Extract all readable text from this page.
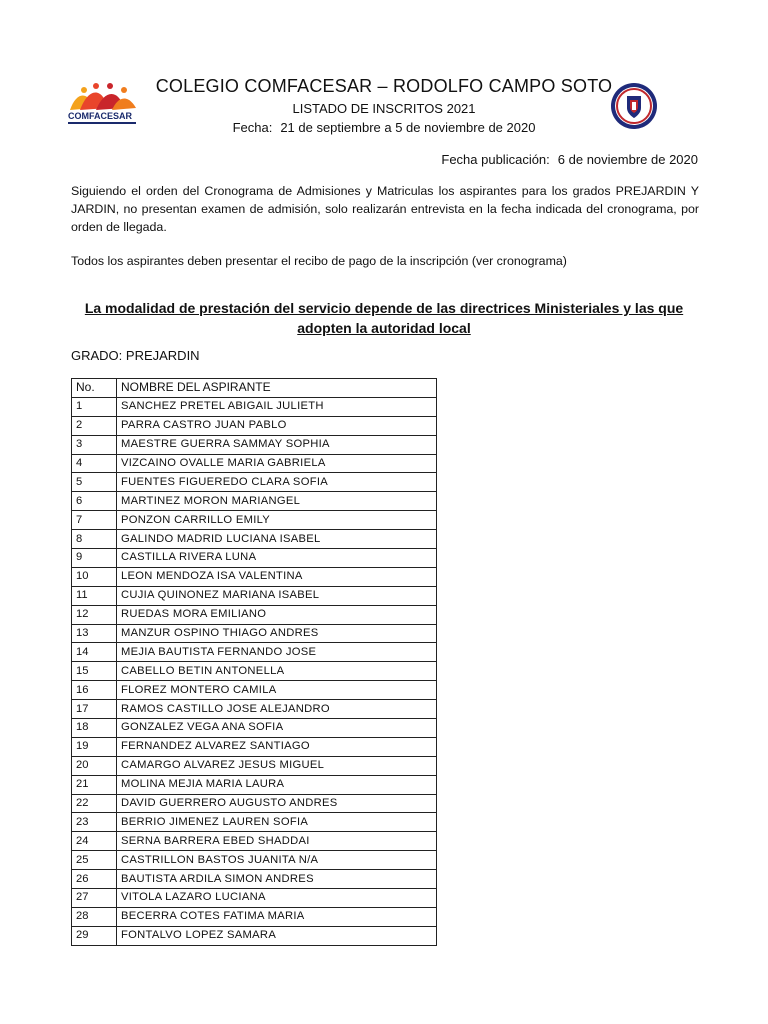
COMFACESAR
COLEGIO COMFACESAR – RODOLFO CAMPO SOTO
LISTADO DE INSCRITOS 2021
Fecha: 21 de septiembre a 5 de noviembre de 2020
Fecha publicación: 6 de noviembre de 2020
Siguiendo el orden del Cronograma de Admisiones y Matriculas los aspirantes para los grados PREJARDIN Y JARDIN, no presentan examen de admisión, solo realizarán entrevista en la fecha indicada del cronograma, por orden de llegada.
Todos los aspirantes deben presentar el recibo de pago de la inscripción (ver cronograma)
La modalidad de prestación del servicio depende de las directrices Ministeriales y las que adopten la autoridad local
GRADO: PREJARDIN
No.	NOMBRE DEL ASPIRANTE
1	SANCHEZ PRETEL ABIGAIL JULIETH
2	PARRA CASTRO JUAN PABLO
3	MAESTRE GUERRA SAMMAY SOPHIA
4	VIZCAINO OVALLE MARIA GABRIELA
5	FUENTES FIGUEREDO CLARA SOFIA
6	MARTINEZ MORON MARIANGEL
7	PONZON CARRILLO EMILY
8	GALINDO MADRID LUCIANA ISABEL
9	CASTILLA RIVERA LUNA
10	LEON MENDOZA ISA VALENTINA
11	CUJIA QUINONEZ MARIANA ISABEL
12	RUEDAS MORA EMILIANO
13	MANZUR OSPINO THIAGO ANDRES
14	MEJIA BAUTISTA FERNANDO JOSE
15	CABELLO BETIN ANTONELLA
16	FLOREZ MONTERO CAMILA
17	RAMOS CASTILLO JOSE ALEJANDRO
18	GONZALEZ VEGA ANA SOFIA
19	FERNANDEZ ALVAREZ SANTIAGO
20	CAMARGO ALVAREZ JESUS MIGUEL
21	MOLINA MEJIA MARIA LAURA
22	DAVID GUERRERO AUGUSTO ANDRES
23	BERRIO JIMENEZ LAUREN SOFIA
24	SERNA BARRERA EBED SHADDAI
25	CASTRILLON BASTOS JUANITA N/A
26	BAUTISTA ARDILA SIMON ANDRES
27	VITOLA LAZARO LUCIANA
28	BECERRA COTES FATIMA MARIA
29	FONTALVO LOPEZ SAMARA
